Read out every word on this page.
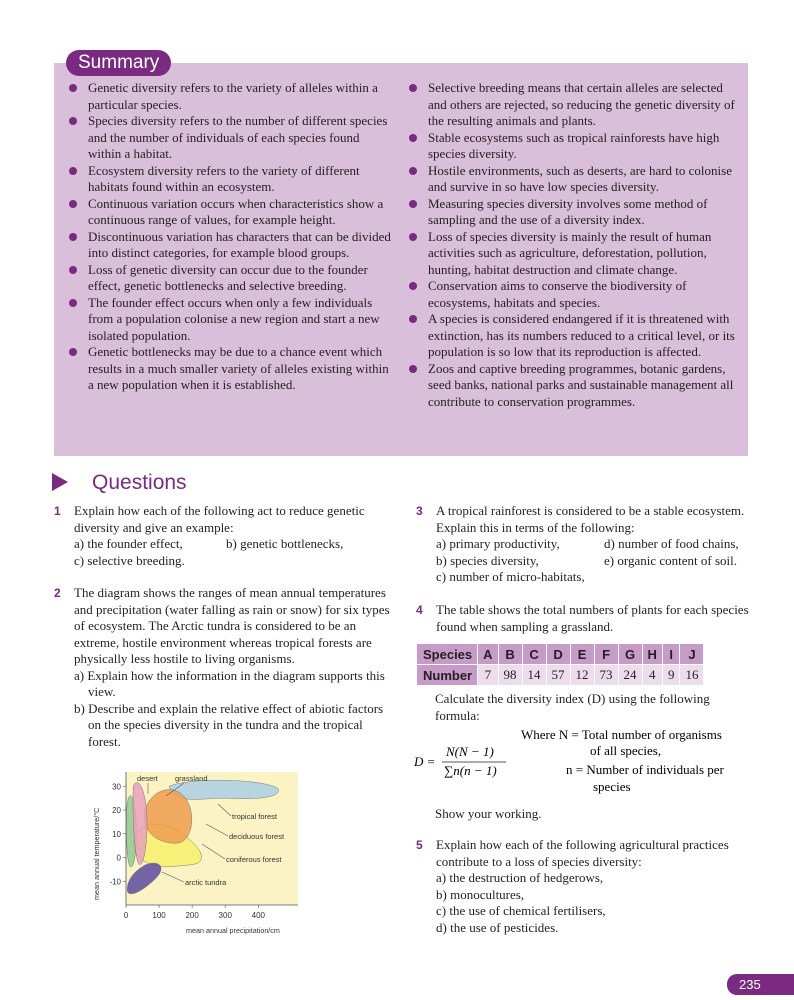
Summary
Genetic diversity refers to the variety of alleles within a particular species.
Species diversity refers to the number of different species and the number of individuals of each species found within a habitat.
Ecosystem diversity refers to the variety of different habitats found within an ecosystem.
Continuous variation occurs when characteristics show a continuous range of values, for example height.
Discontinuous variation has characters that can be divided into distinct categories, for example blood groups.
Loss of genetic diversity can occur due to the founder effect, genetic bottlenecks and selective breeding.
The founder effect occurs when only a few individuals from a population colonise a new region and start a new isolated population.
Genetic bottlenecks may be due to a chance event which results in a much smaller variety of alleles existing within a new population when it is established.
Selective breeding means that certain alleles are selected and others are rejected, so reducing the genetic diversity of the resulting animals and plants.
Stable ecosystems such as tropical rainforests have high species diversity.
Hostile environments, such as deserts, are hard to colonise and survive in so have low species diversity.
Measuring species diversity involves some method of sampling and the use of a diversity index.
Loss of species diversity is mainly the result of human activities such as agriculture, deforestation, pollution, hunting, habitat destruction and climate change.
Conservation aims to conserve the biodiversity of ecosystems, habitats and species.
A species is considered endangered if it is threatened with extinction, has its numbers reduced to a critical level, or its population is so low that its reproduction is affected.
Zoos and captive breeding programmes, botanic gardens, seed banks, national parks and sustainable management all contribute to conservation programmes.
Questions
1 Explain how each of the following act to reduce genetic diversity and give an example:
a) the founder effect,	b) genetic bottlenecks,
c) selective breeding.
2 The diagram shows the ranges of mean annual temperatures and precipitation (water falling as rain or snow) for six types of ecosystem. The Arctic tundra is considered to be an extreme, hostile environment whereas tropical forests are physically less hostile to living organisms.
a) Explain how the information in the diagram supports this view.
b) Describe and explain the relative effect of abiotic factors on the species diversity in the tundra and the tropical forest.
0	100 200 300 400
30
20
10
0
-10
mean annual precipitation/cm
mean annual temperature/°C
desert grassland
tropical forest
deciduous forest
coniferous forest
arctic tundra
3 A tropical rainforest is considered to be a stable ecosystem. Explain this in terms of the following:
a) primary productivity,	d) number of food chains,
b) species diversity,	e) organic content of soil.
c) number of micro-habitats,
4 The table shows the total numbers of plants for each species found when sampling a grassland.
Species	A	B	C	D	E	F	G	H	I	J
Number	7	98	14	57	12	73	24	4	9	16
Calculate the diversity index (D) using the following formula:
D =
N(N − 1)
∑n(n − 1)
Where N = Total number of organisms
of all species,
n = Number of individuals per
species
Show your working.
5 Explain how each of the following agricultural practices contribute to a loss of species diversity:
a) the destruction of hedgerows,
b) monocultures,
c) the use of chemical fertilisers,
d) the use of pesticides.
235
